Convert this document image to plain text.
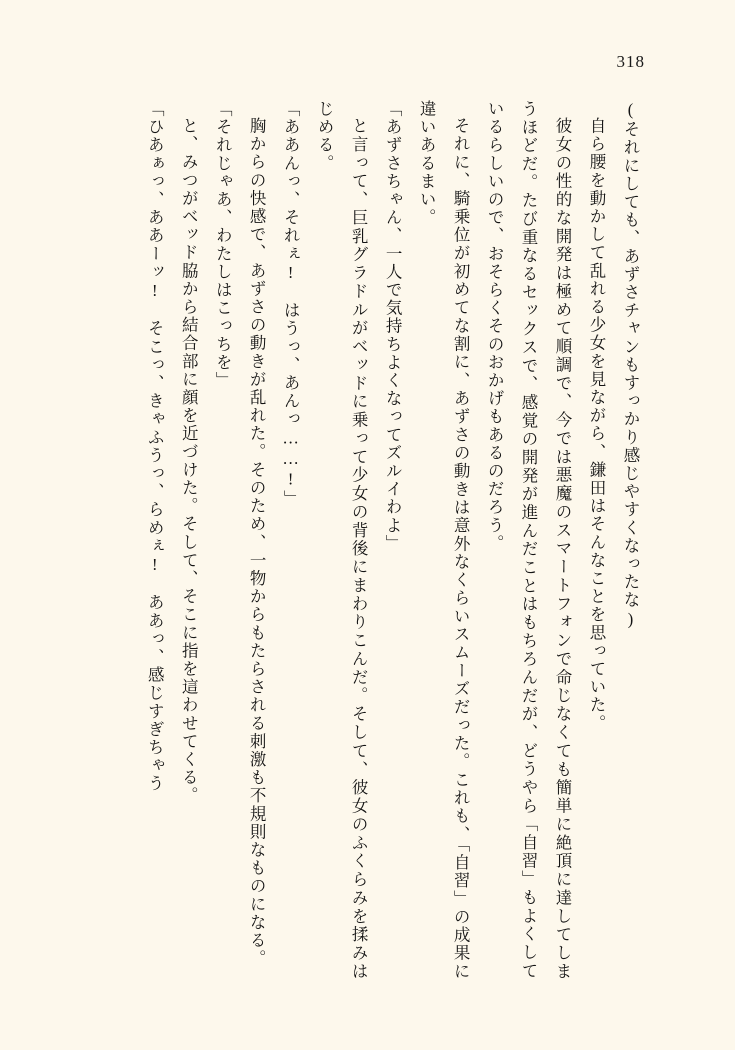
318

(それにしても、あずさチャンもすっかり感じやすくなったな)

自ら腰を動かして乱れる少女を見ながら、鎌田はそんなことを思っていた。

彼女の性的な開発は極めて順調で、今では悪魔のスマートフォンで命じなくても簡単に絶頂に達してしまうほどだ。たび重なるセックスで、感覚の開発が進んだことはもちろんだが、どうやら「自習」もよくしているらしいので、おそらくそのおかげもあるのだろう。

それに、騎乗位が初めてな割に、あずさの動きは意外なくらいスムーズだった。これも、「自習」の成果に違いあるまい。

「あずさちゃん、一人で気持ちよくなってズルイわよ」

と言って、巨乳グラドルがベッドに乗って少女の背後にまわりこんだ。そして、彼女のふくらみを揉みはじめる。

「ああんっ、それぇ!　はうっ、あんっ……!」

胸からの快感で、あずさの動きが乱れた。そのため、一物からもたらされる刺激も不規則なものになる。

「それじゃあ、わたしはこっちを」

と、みつがベッド脇から結合部に顔を近づけた。そして、そこに指を這わせてくる。

「ひあぁっ、ああーッ!　そこっ、きゃふうっ、らめぇ!　ああっ、感じすぎちゃう
